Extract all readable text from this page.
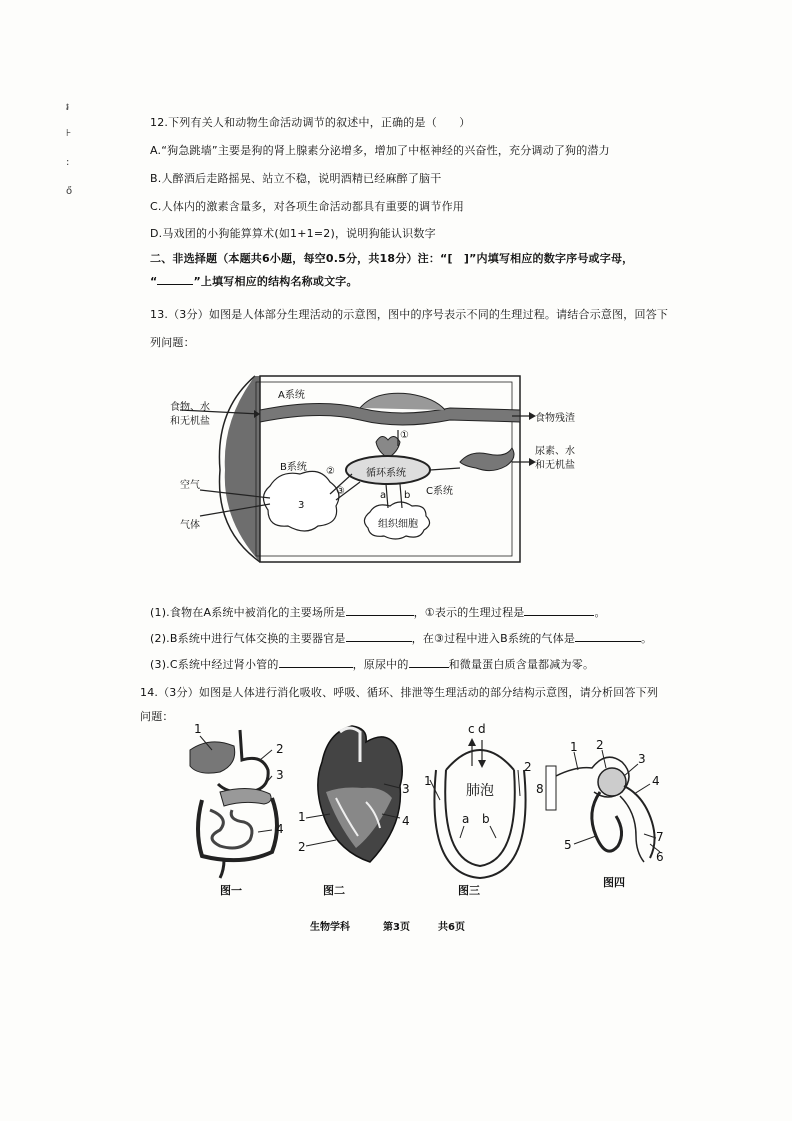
៛
⊦
:
ő
12.下列有关人和动物生命活动调节的叙述中，正确的是（　　）
A.“狗急跳墙”主要是狗的肾上腺素分泌增多，增加了中枢神经的兴奋性，充分调动了狗的潜力
B.人醉酒后走路摇晃、站立不稳，说明酒精已经麻醉了脑干
C.人体内的激素含量多，对各项生命活动都具有重要的调节作用
D.马戏团的小狗能算算术(如1+1=2)，说明狗能认识数字
二、非选择题（本题共6小题，每空0.5分，共18分）注：“[　]”内填写相应的数字序号或字母，
“	”上填写相应的结构名称或文字。
13.（3分）如图是人体部分生理活动的示意图，图中的序号表示不同的生理过程。请结合示意图，回答下
列问题：
食物、水
和无机盐
A系统
食物残渣
尿素、水
和无机盐
B系统
循环系统
C系统
组织细胞
空气
气体
①
②
③	a b
3
(1).食物在A系统中被消化的主要场所是	，①表示的生理过程是	。
(2).B系统中进行气体交换的主要器官是	，在③过程中进入B系统的气体是	。
(3).C系统中经过肾小管的	，原尿中的	和微量蛋白质含量都减为零。
14.（3分）如图是人体进行消化吸收、呼吸、循环、排泄等生理活动的部分结构示意图，请分析回答下列
问题：
1
2
3
4
1
2
3
4
c d
1
2
肺泡
a b
1 2
3
4
5
6
7
8
图一	图二	图三
图四
生物学科	第3页	共6页
